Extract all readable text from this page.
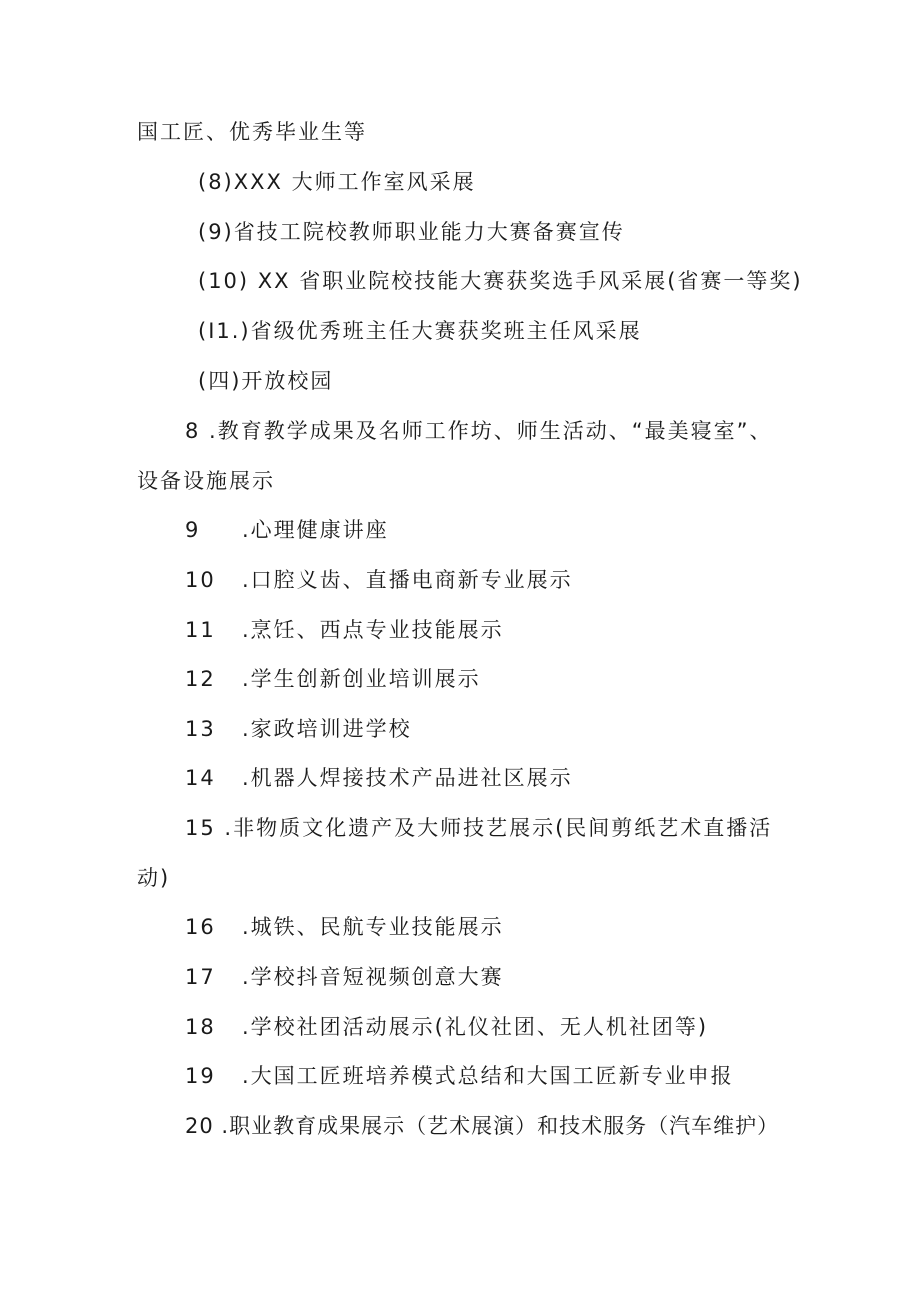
国工匠、优秀毕业生等

(8)XXX 大师工作室风采展

(9)省技工院校教师职业能力大赛备赛宣传

(10) XX 省职业院校技能大赛获奖选手风采展(省赛一等奖)

(I1.)省级优秀班主任大赛获奖班主任风采展

(四)开放校园

8 .教育教学成果及名师工作坊、师生活动、“最美寝室”、

设备设施展示

9 .心理健康讲座

10 .口腔义齿、直播电商新专业展示

11 .烹饪、西点专业技能展示

12 .学生创新创业培训展示

13 .家政培训进学校

14 .机器人焊接技术产品进社区展示

15 .非物质文化遗产及大师技艺展示(民间剪纸艺术直播活

动)

16 .城铁、民航专业技能展示

17 .学校抖音短视频创意大赛

18 .学校社团活动展示(礼仪社团、无人机社团等)

19 .大国工匠班培养模式总结和大国工匠新专业申报

20 .职业教育成果展示（艺术展演）和技术服务（汽车维护）
